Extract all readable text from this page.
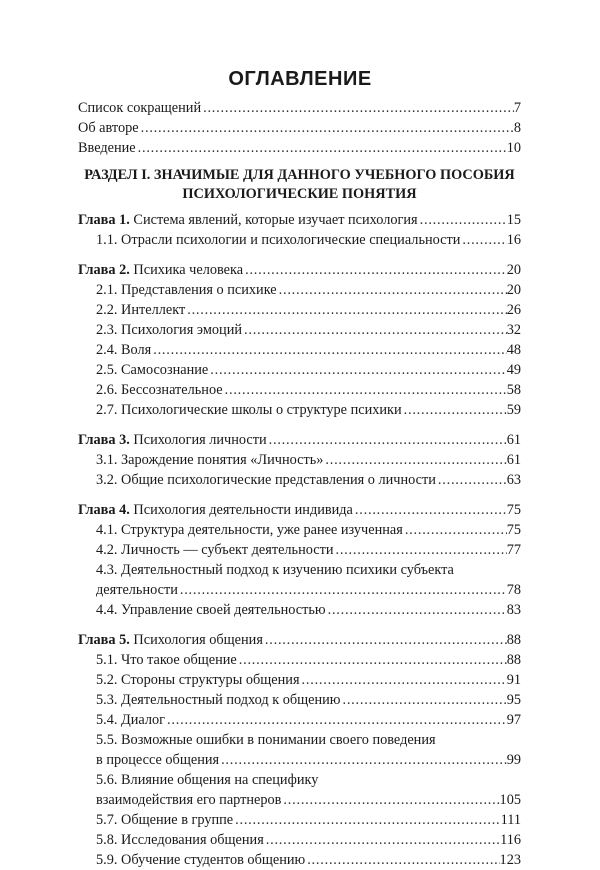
ОГЛАВЛЕНИЕ
Список сокращений . . .	7
Об авторе . . .	8
Введение . . .	10
РАЗДЕЛ I. ЗНАЧИМЫЕ ДЛЯ ДАННОГО УЧЕБНОГО ПОСОБИЯ
ПСИХОЛОГИЧЕСКИЕ ПОНЯТИЯ
Глава 1. Система явлений, которые изучает психология . . .	15
1.1. Отрасли психологии и психологические специальности . . .	16
Глава 2. Психика человека . . .	20
2.1. Представления о психике . . .	20
2.2. Интеллект . . .	26
2.3. Психология эмоций . . .	32
2.4. Воля . . .	48
2.5. Самосознание . . .	49
2.6. Бессознательное . . .	58
2.7. Психологические школы о структуре психики . . .	59
Глава 3. Психология личности . . .	61
3.1. Зарождение понятия «Личность» . . .	61
3.2. Общие психологические представления о личности . . .	63
Глава 4. Психология деятельности индивида . . .	75
4.1. Структура деятельности, уже ранее изученная . . .	75
4.2. Личность — субъект деятельности . . .	77
4.3. Деятельностный подход к изучению психики субъекта
деятельности . . .	78
4.4. Управление своей деятельностью . . .	83
Глава 5. Психология общения . . .	88
5.1. Что такое общение . . .	88
5.2. Стороны структуры общения . . .	91
5.3. Деятельностный подход к общению . . .	95
5.4. Диалог . . .	97
5.5. Возможные ошибки в понимании своего поведения
в процессе общения . . .	99
5.6. Влияние общения на специфику
взаимодействия его партнеров . . .	105
5.7. Общение в группе . . .	111
5.8. Исследования общения . . .	116
5.9. Обучение студентов общению . . .	123
